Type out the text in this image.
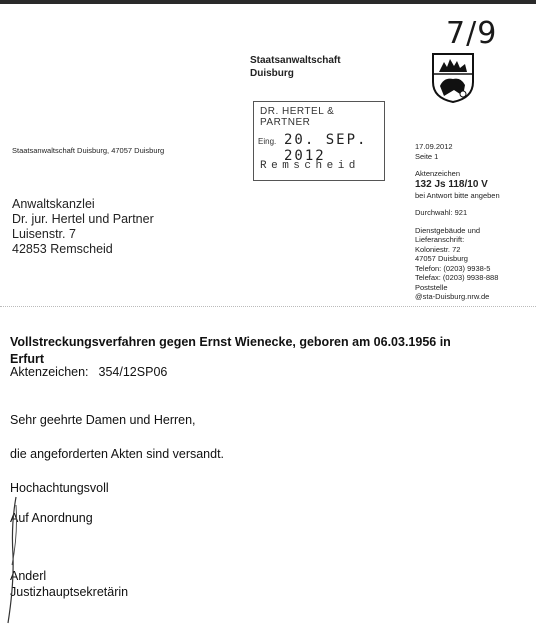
Staatsanwaltschaft
Duisburg
7/9
DR. HERTEL & PARTNER
Eing. 20. SEP. 2012
Remscheid
Staatsanwaltschaft Duisburg, 47057 Duisburg
Anwaltskanzlei
Dr. jur. Hertel und Partner
Luisenstr. 7
42853 Remscheid
17.09.2012
Seite 1
Aktenzeichen
132 Js 118/10 V
bei Antwort bitte angeben
Durchwahl: 921
Dienstgebäude und
Lieferanschrift:
Koloniestr. 72
47057 Duisburg
Telefon: (0203) 9938-5
Telefax: (0203) 9938-888
Poststelle
@sta-Duisburg.nrw.de
Vollstreckungsverfahren gegen Ernst Wienecke, geboren am 06.03.1956 in
Erfurt
Aktenzeichen: 354/12SP06
Sehr geehrte Damen und Herren,
die angeforderten Akten sind versandt.
Hochachtungsvoll
Auf Anordnung
Anderl
Justizhauptsekretärin
